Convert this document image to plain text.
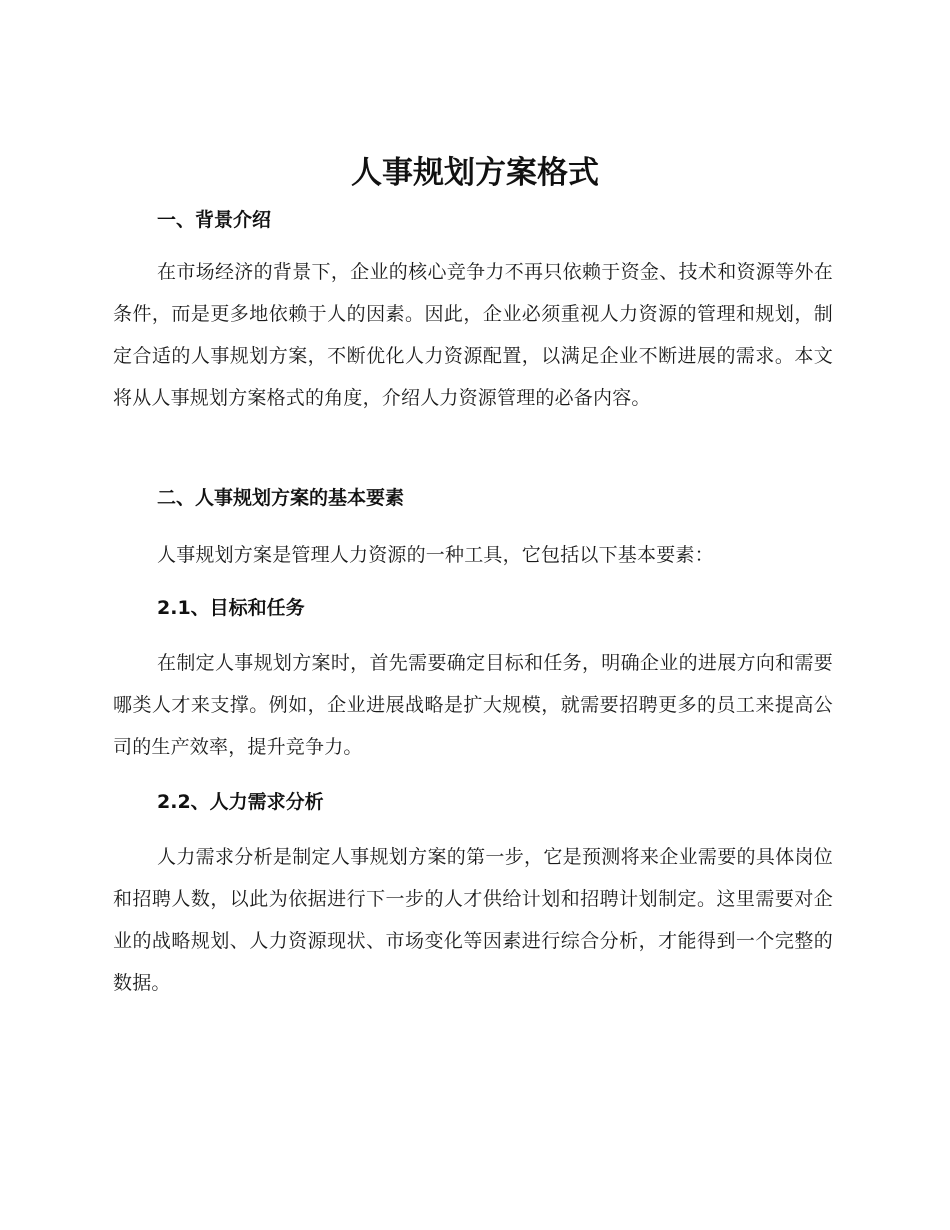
人事规划方案格式
一、背景介绍

在市场经济的背景下，企业的核心竞争力不再只依赖于资金、技术和资源等外在条件，而是更多地依赖于人的因素。因此，企业必须重视人力资源的管理和规划，制定合适的人事规划方案，不断优化人力资源配置，以满足企业不断进展的需求。本文将从人事规划方案格式的角度，介绍人力资源管理的必备内容。

二、人事规划方案的基本要素

人事规划方案是管理人力资源的一种工具，它包括以下基本要素：

2.1、目标和任务

在制定人事规划方案时，首先需要确定目标和任务，明确企业的进展方向和需要哪类人才来支撑。例如，企业进展战略是扩大规模，就需要招聘更多的员工来提高公司的生产效率，提升竞争力。

2.2、人力需求分析

人力需求分析是制定人事规划方案的第一步，它是预测将来企业需要的具体岗位和招聘人数，以此为依据进行下一步的人才供给计划和招聘计划制定。这里需要对企业的战略规划、人力资源现状、市场变化等因素进行综合分析，才能得到一个完整的数据。
